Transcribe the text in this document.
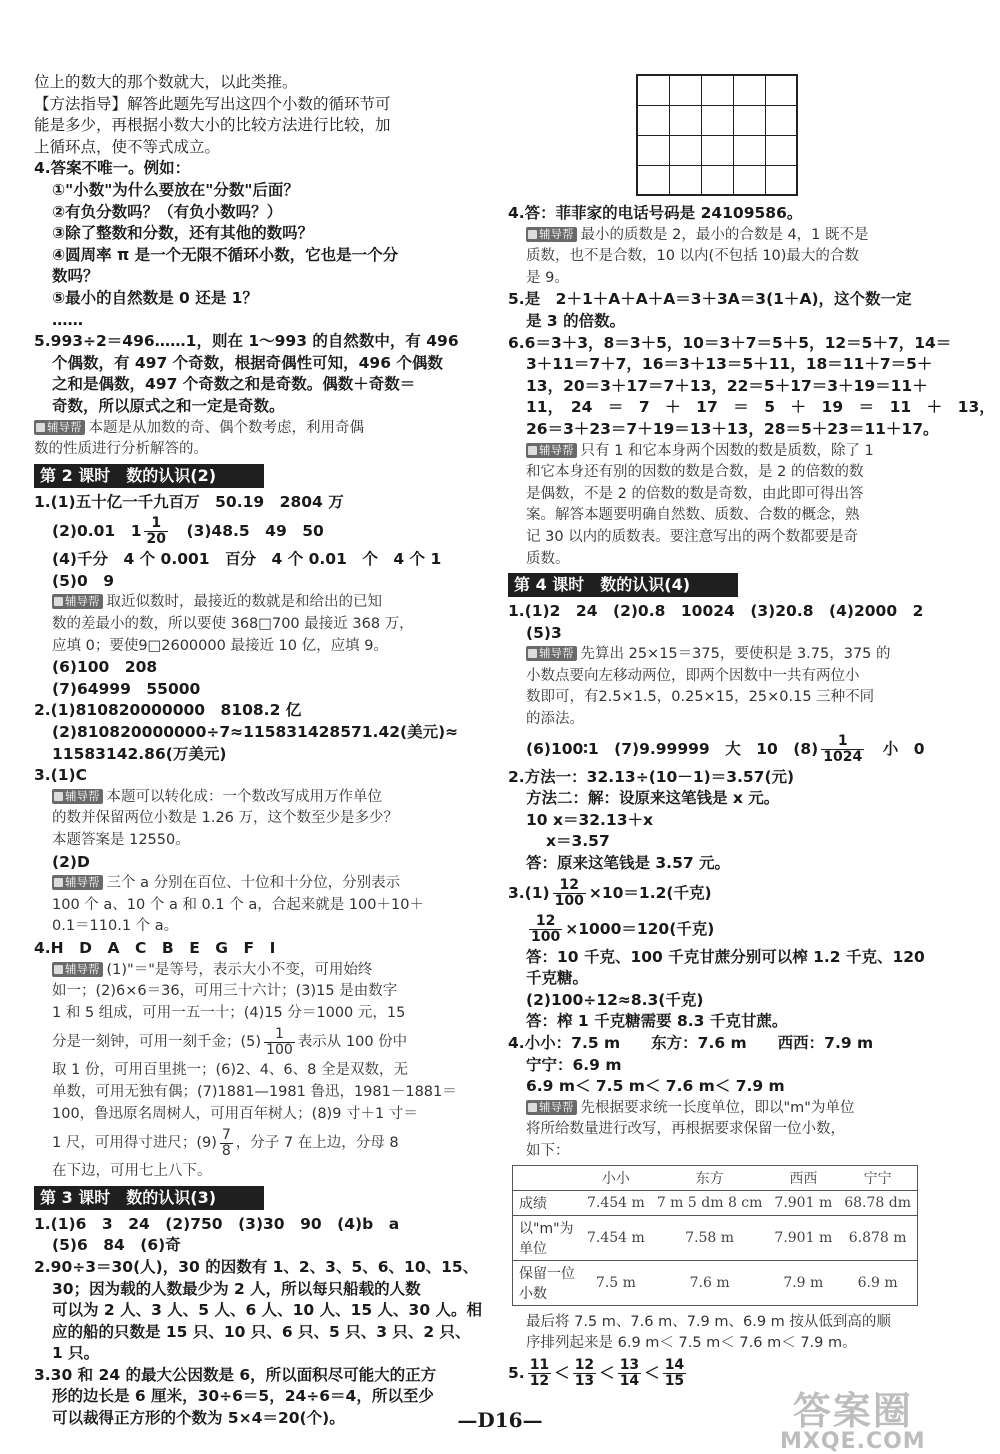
位上的数大的那个数就大，以此类推。
【方法指导】解答此题先写出这四个小数的循环节可
能是多少，再根据小数大小的比较方法进行比较，加
上循环点，使不等式成立。
4.答案不唯一。例如：
①"小数"为什么要放在"分数"后面？
②有负分数吗？（有负小数吗？）
③除了整数和分数，还有其他的数吗？
④圆周率 π 是一个无限不循环小数，它也是一个分
数吗？
⑤最小的自然数是 0 还是 1？
……
5.993÷2＝496……1，则在 1～993 的自然数中，有 496
个偶数，有 497 个奇数，根据奇偶性可知，496 个偶数
之和是偶数，497 个奇数之和是奇数。偶数＋奇数＝
奇数，所以原式之和一定是奇数。
辅导帮 本题是从加数的奇、偶个数考虑，利用奇偶
数的性质进行分析解答的。
第 2 课时　数的认识(2)
1.(1)五十亿一千九百万　50.19　2804 万
(2)0.01　$1 \frac{1}{20}$
　 (3)48.5　49　50
(4)千分　4 个 0.001　百分　4 个 0.01　个　4 个 1
(5)0　9
辅导帮 取近似数时，最接近的数就是和给出的已知
数的差最小的数，所以要使 368□700 最接近 368 万，
应填 0；要使9□2600000 最接近 10 亿，应填 9。
(6)100　208
(7)64999　55000
2.(1)810820000000　8108.2 亿
(2)810820000000÷7≈115831428571.42(美元)≈
11583142.86(万美元)
3.(1)C
辅导帮 本题可以转化成：一个数改写成用万作单位
的数并保留两位小数是 1.26 万，这个数至少是多少？
本题答案是 12550。
(2)D
辅导帮 三个 a 分别在百位、十位和十分位，分别表示
100 个 a、10 个 a 和 0.1 个 a，合起来就是 100＋10＋
0.1＝110.1 个 a。
4.H　D　A　C　B　E　G　F　I
辅导帮 (1)"＝"是等号，表示大小不变，可用始终
如一；(2)6×6＝36，可用三十六计；(3)15 是由数字
1 和 5 组成，可用一五一十；(4)15 分＝1000 元，15
分是一刻钟，可用一刻千金；$(5) \frac{1}{100}$ 表示从 100 份中
取 1 份，可用百里挑一；(6)2、4、6、8 全是双数，无
单数，可用无独有偶；(7)1881—1981 鲁迅，1981－1881＝
100，鲁迅原名周树人，可用百年树人；(8)9 寸＋1 寸＝
1 尺，可用得寸进尺；$(9) \frac{7}{8}$ ，分子 7 在上边，分母 8
在下边，可用七上八下。
第 3 课时　数的认识(3)
1.(1)6　3　24　(2)750　(3)30　90　(4)b　a
(5)6　84　(6)奇
2.90÷3＝30(人)，30 的因数有 1、2、3、5、6、10、15、
30；因为载的人数最少为 2 人，所以每只船载的人数
可以为 2 人、3 人、5 人、6 人、10 人、15 人、30 人。相
应的船的只数是 15 只、10 只、6 只、5 只、3 只、2 只、
1 只。
3.30 和 24 的最大公因数是 6，所以面积尽可能大的正方
形的边长是 6 厘米，30÷6＝5，24÷6＝4，所以至少
可以裁得正方形的个数为 5×4＝20(个)。
4.答：菲菲家的电话号码是 24109586。
辅导帮 最小的质数是 2，最小的合数是 4，1 既不是
质数，也不是合数，10 以内(不包括 10)最大的合数
是 9。
5.是　2＋1＋A＋A＋A＝3＋3A＝3(1＋A)，这个数一定
是 3 的倍数。
6.6＝3＋3，8＝3＋5，10＝3＋7＝5＋5，12＝5＋7，14＝
3＋11＝7＋7，16＝3＋13＝5＋11，18＝11＋7＝5＋
13，20＝3＋17＝7＋13，22＝5＋17＝3＋19＝11＋
11，　24　＝　7　＋　17　＝　5　＋　19　＝　11　＋　13，
26＝3＋23＝7＋19＝13＋13，28＝5＋23＝11＋17。
辅导帮 只有 1 和它本身两个因数的数是质数，除了 1
和它本身还有别的因数的数是合数，是 2 的倍数的数
是偶数，不是 2 的倍数的数是奇数，由此即可得出答
案。解答本题要明确自然数、质数、合数的概念，熟
记 30 以内的质数表。要注意写出的两个数都要是奇
质数。
第 4 课时　数的认识(4)
1.(1)2　24　(2)0.8　10024　(3)20.8　(4)2000　2
(5)3
辅导帮 先算出 25×15＝375，要使积是 3.75，375 的
小数点要向左移动两位，即两个因数中一共有两位小
数即可，有2.5×1.5，0.25×15，25×0.15 三种不同
的添法。
(6)100∶1　(7)9.99999　大　10　$(8) \frac{1}{1024}$
　 小　0
2.方法一：32.13÷(10－1)＝3.57(元)
方法二：解：设原来这笔钱是 x 元。
10 x＝32.13＋x
x＝3.57
答：原来这笔钱是 3.57 元。
$3.(1) \frac{12}{100} \times 10=1.2$(千克)
$\frac{12}{100} \times 1000=120$(千克)
答：10 千克、100 千克甘蔗分别可以榨 1.2 千克、120
千克糖。
(2)100÷12≈8.3(千克)
答：榨 1 千克糖需要 8.3 千克甘蔗。
4.小小：7.5 m　　东方：7.6 m　　西西：7.9 m
宁宁：6.9 m
6.9 m＜ 7.5 m＜ 7.6 m＜ 7.9 m
辅导帮 先根据要求统一长度单位，即以"m"为单位
将所给数量进行改写，再根据要求保留一位小数，
如下：
	小小	东方	西西	宁宁
成绩	7.454 m	7 m 5 dm 8 cm	7.901 m	68.78 dm
以"m"为单位	7.454 m	7.58 m	7.901 m	6.878 m
保留一位小数	7.5 m	7.6 m	7.9 m	6.9 m
最后将 7.5 m、7.6 m、7.9 m、6.9 m 按从低到高的顺
序排列起来是 6.9 m＜ 7.5 m＜ 7.6 m＜ 7.9 m。
5. $\frac{11}{12} < \frac{12}{13} < \frac{13}{14} < \frac{14}{15}$
—D16—	答案圈
MXQE.COM
